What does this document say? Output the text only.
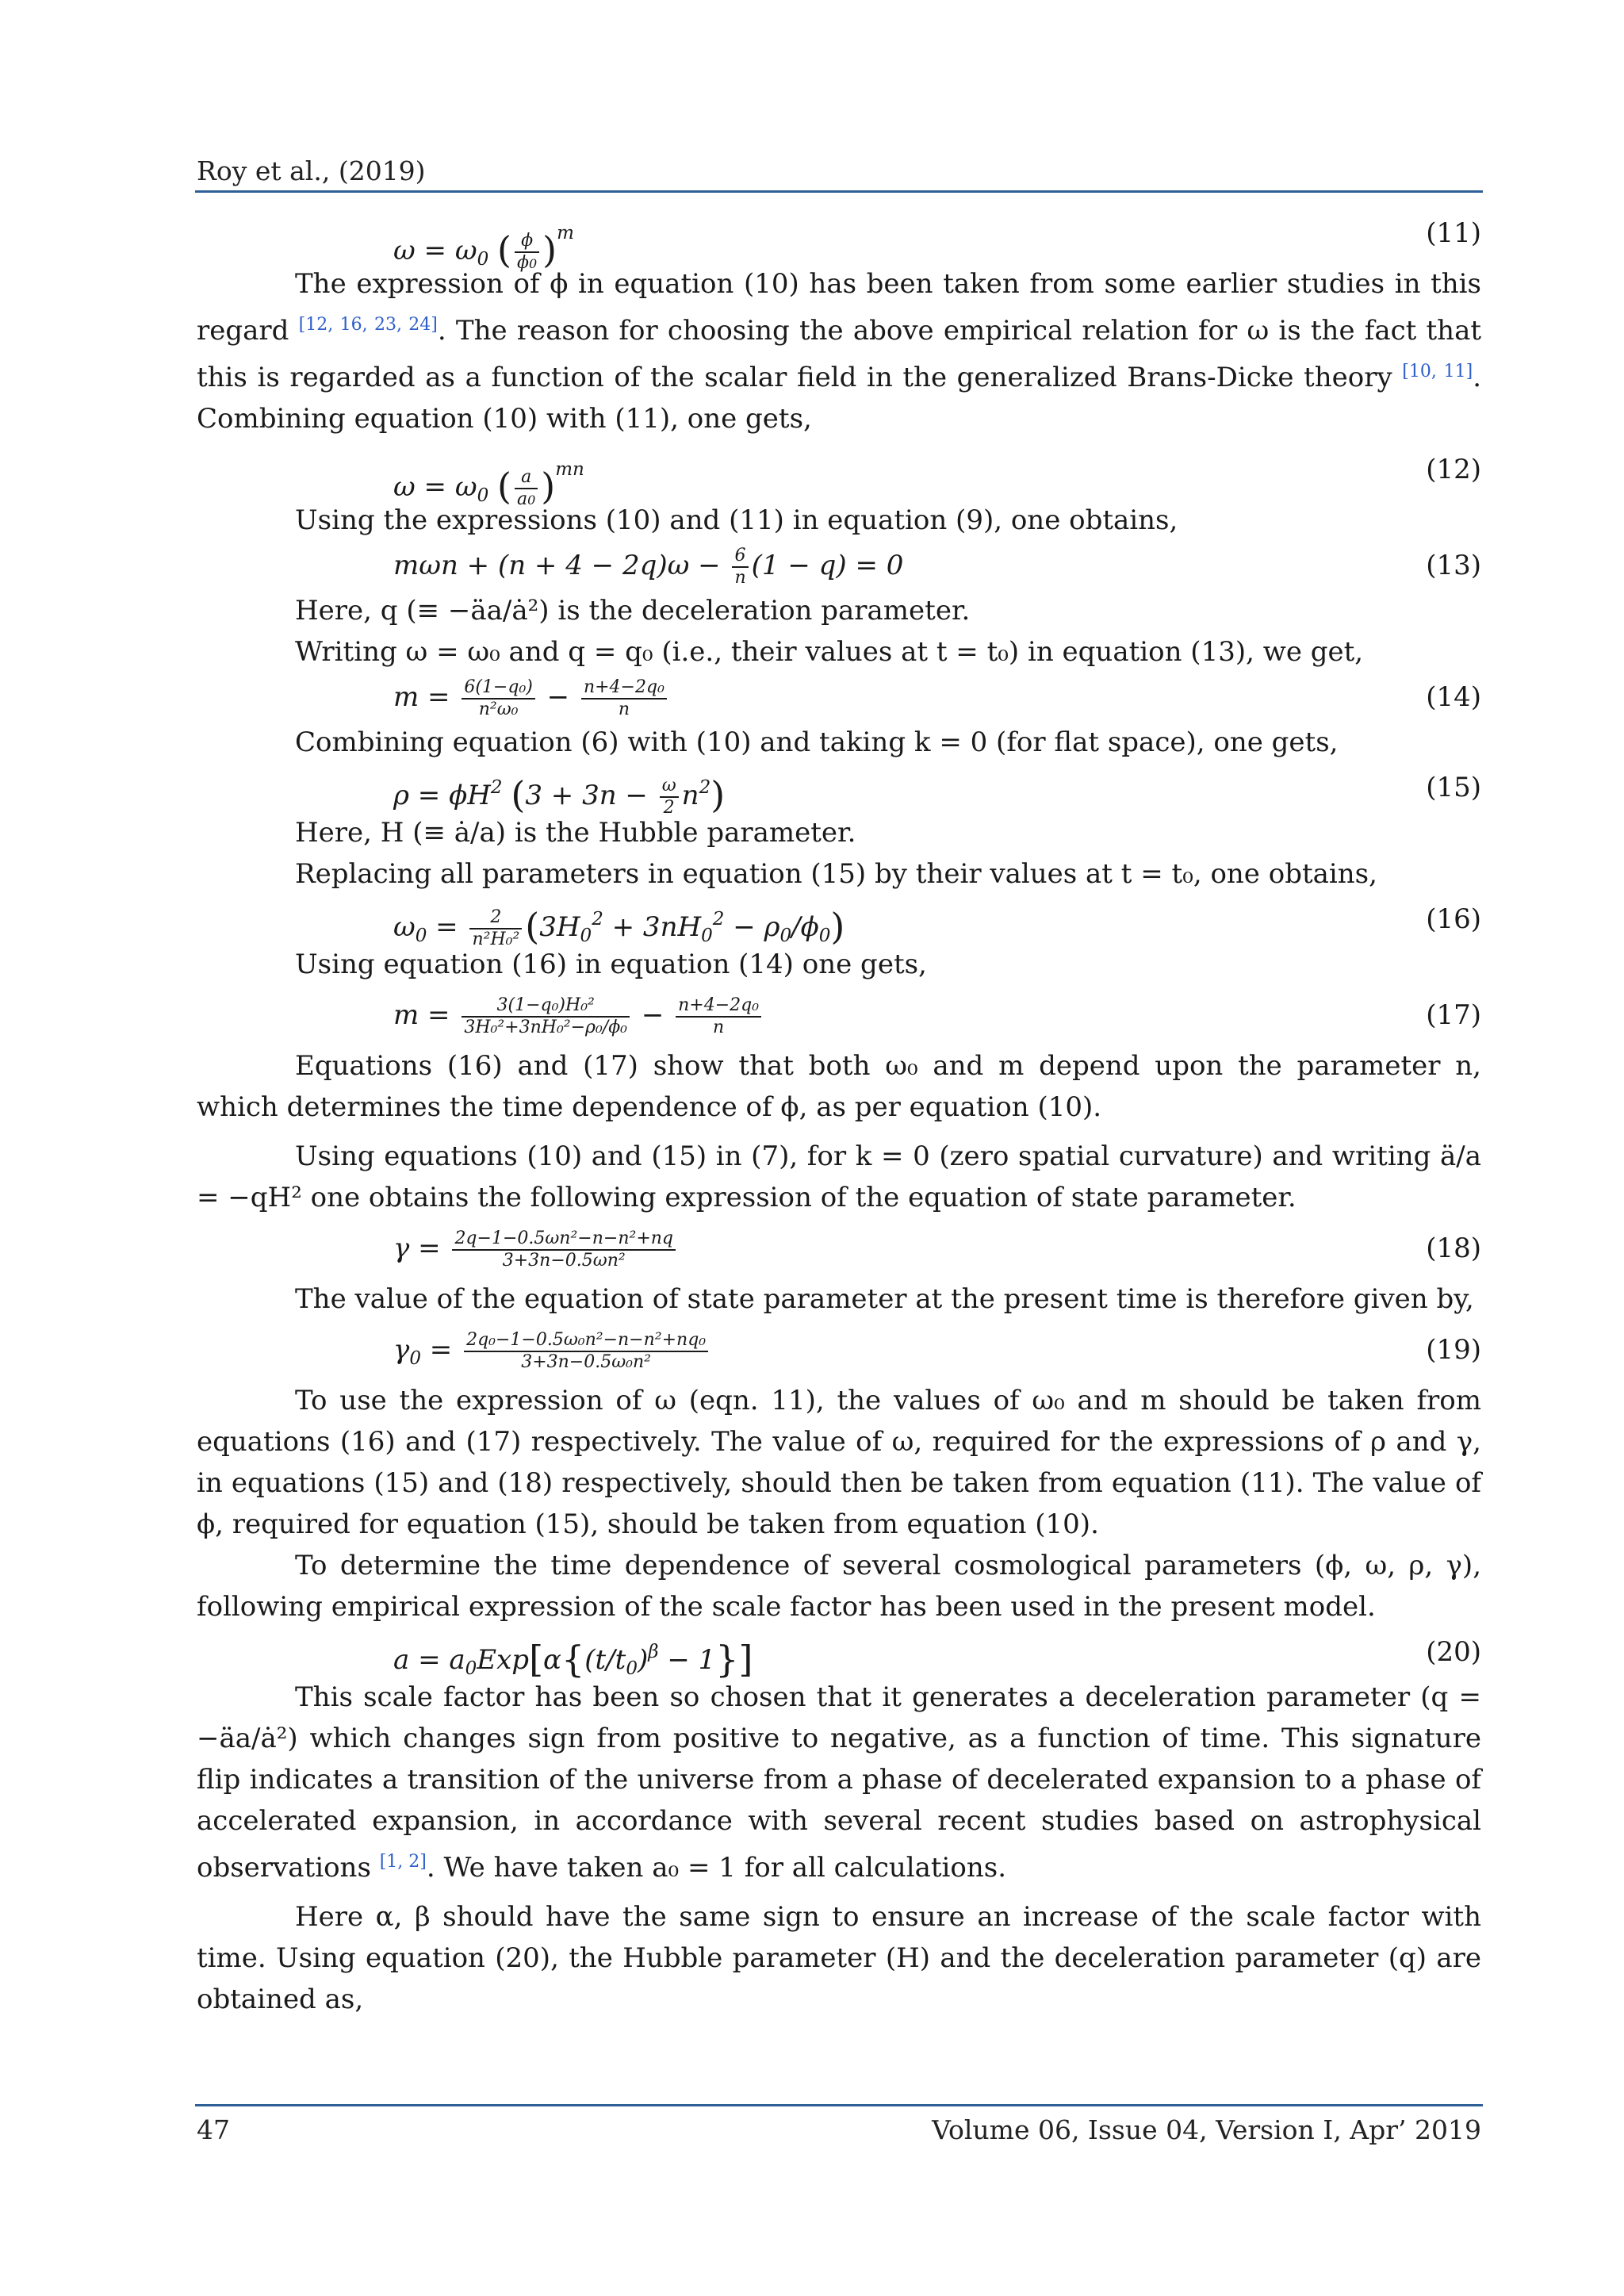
Roy et al., (2019)
$\omega = \omega_0$ ( $\frac{\phi}{\phi 0} )^m$	(11)

The expression of ϕ in equation (10) has been taken from some earlier studies in this regard [12, 16, 23, 24]. The reason for choosing the above empirical relation for ω is the fact that this is regarded as a function of the scalar field in the generalized Brans-Dicke theory [10, 11]. Combining equation (10) with (11), one gets,

$\omega = \omega_0$ ( $\frac{a}{a0} )^{mn}$	(12)

Using the expressions (10) and (11) in equation (9), one obtains,

$m\omega n + (n + 4 - 2q)\omega - \frac{6}{n} (1 - q) = 0$	(13)

Here, q (≡ −äa/ȧ²) is the deceleration parameter.

Writing ω = ω₀ and q = q₀ (i.e., their values at t = t₀) in equation (13), we get,

$m = \frac{\text{6(1−q₀)}}{\text{n²ω₀}} - \frac{\text{n+4−2q₀}}{n}$	(14)

Combining equation (6) with (10) and taking k = 0 (for flat space), one gets,

$\rho = \phi H^2$ $(3 + 3n - \frac{\omega}{2} n^2)$	(15)

Here, H (≡ ȧ/a) is the Hubble parameter.

Replacing all parameters in equation (15) by their values at t = t₀, one obtains,

$\omega_0 = \frac{2}{\text{n²H₀²}} (3H_0^2 + 3nH_0^2 - \rho_0/\phi_0)$	(16)

Using equation (16) in equation (14) one gets,

$m = \frac{\text{3(1−q₀)H₀²}}{\text{3H₀²+3nH₀²−ρ₀/ϕ₀}} - \frac{\text{n+4−2q₀}}{n}$	(17)

Equations (16) and (17) show that both ω₀ and m depend upon the parameter n, which determines the time dependence of ϕ, as per equation (10).

Using equations (10) and (15) in (7), for k = 0 (zero spatial curvature) and writing ä/a = −qH² one obtains the following expression of the equation of state parameter.

$\gamma = \frac{\text{2q−1−0.5ωn²−n−n²+nq}}{\text{3+3n−0.5ωn²}}$	(18)

The value of the equation of state parameter at the present time is therefore given by,

$\gamma_0 = \frac{\text{2q₀−1−0.5ω₀n²−n−n²+nq₀}}{\text{3+3n−0.5ω₀n²}}$	(19)

To use the expression of ω (eqn. 11), the values of ω₀ and m should be taken from equations (16) and (17) respectively. The value of ω, required for the expressions of ρ and γ, in equations (15) and (18) respectively, should then be taken from equation (11). The value of ϕ, required for equation (15), should be taken from equation (10).

To determine the time dependence of several cosmological parameters (ϕ, ω, ρ, γ), following empirical expression of the scale factor has been used in the present model.

$a = a_0Exp[\alpha\{(t/t_0)^\beta - 1\}]$	(20)

This scale factor has been so chosen that it generates a deceleration parameter (q = −äa/ȧ²) which changes sign from positive to negative, as a function of time. This signature flip indicates a transition of the universe from a phase of decelerated expansion to a phase of accelerated expansion, in accordance with several recent studies based on astrophysical observations [1, 2]. We have taken a₀ = 1 for all calculations.

Here α, β should have the same sign to ensure an increase of the scale factor with time. Using equation (20), the Hubble parameter (H) and the deceleration parameter (q) are obtained as,

47	Volume 06, Issue 04, Version I, Apr’ 2019
